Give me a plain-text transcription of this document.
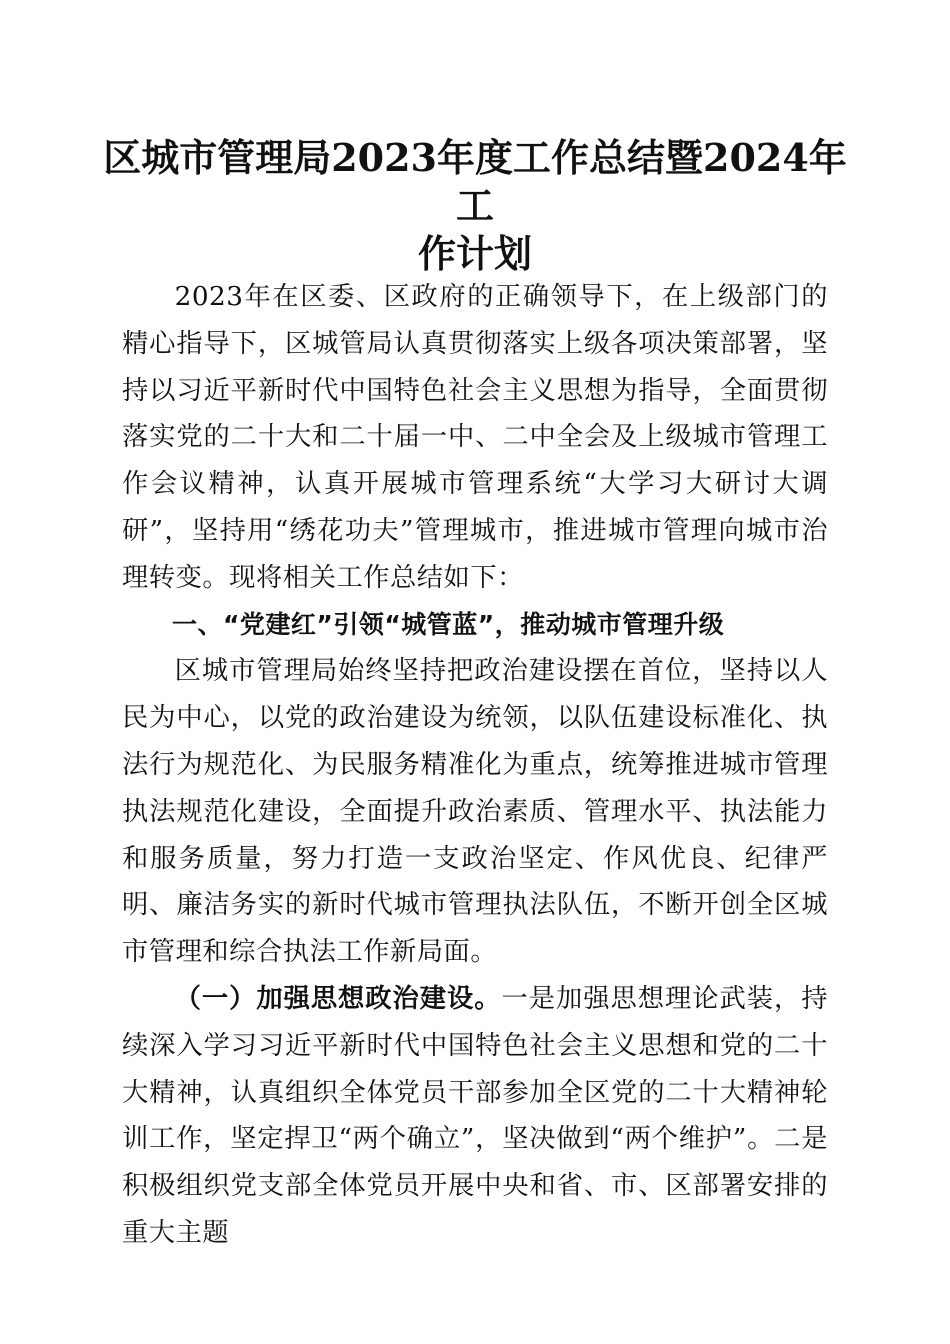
区城市管理局2023年度工作总结暨2024年工
作计划

2023年在区委、区政府的正确领导下，在上级部门的精心指导下，区城管局认真贯彻落实上级各项决策部署，坚持以习近平新时代中国特色社会主义思想为指导，全面贯彻落实党的二十大和二十届一中、二中全会及上级城市管理工作会议精神，认真开展城市管理系统“大学习大研讨大调研”，坚持用“绣花功夫”管理城市，推进城市管理向城市治理转变。现将相关工作总结如下：

一、“党建红”引领“城管蓝”，推动城市管理升级

区城市管理局始终坚持把政治建设摆在首位，坚持以人民为中心，以党的政治建设为统领，以队伍建设标准化、执法行为规范化、为民服务精准化为重点，统筹推进城市管理执法规范化建设，全面提升政治素质、管理水平、执法能力和服务质量，努力打造一支政治坚定、作风优良、纪律严明、廉洁务实的新时代城市管理执法队伍，不断开创全区城市管理和综合执法工作新局面。

（一）加强思想政治建设。一是加强思想理论武装，持续深入学习习近平新时代中国特色社会主义思想和党的二十大精神，认真组织全体党员干部参加全区党的二十大精神轮训工作，坚定捍卫“两个确立”，坚决做到“两个维护”。二是积极组织党支部全体党员开展中央和省、市、区部署安排的重大主题
